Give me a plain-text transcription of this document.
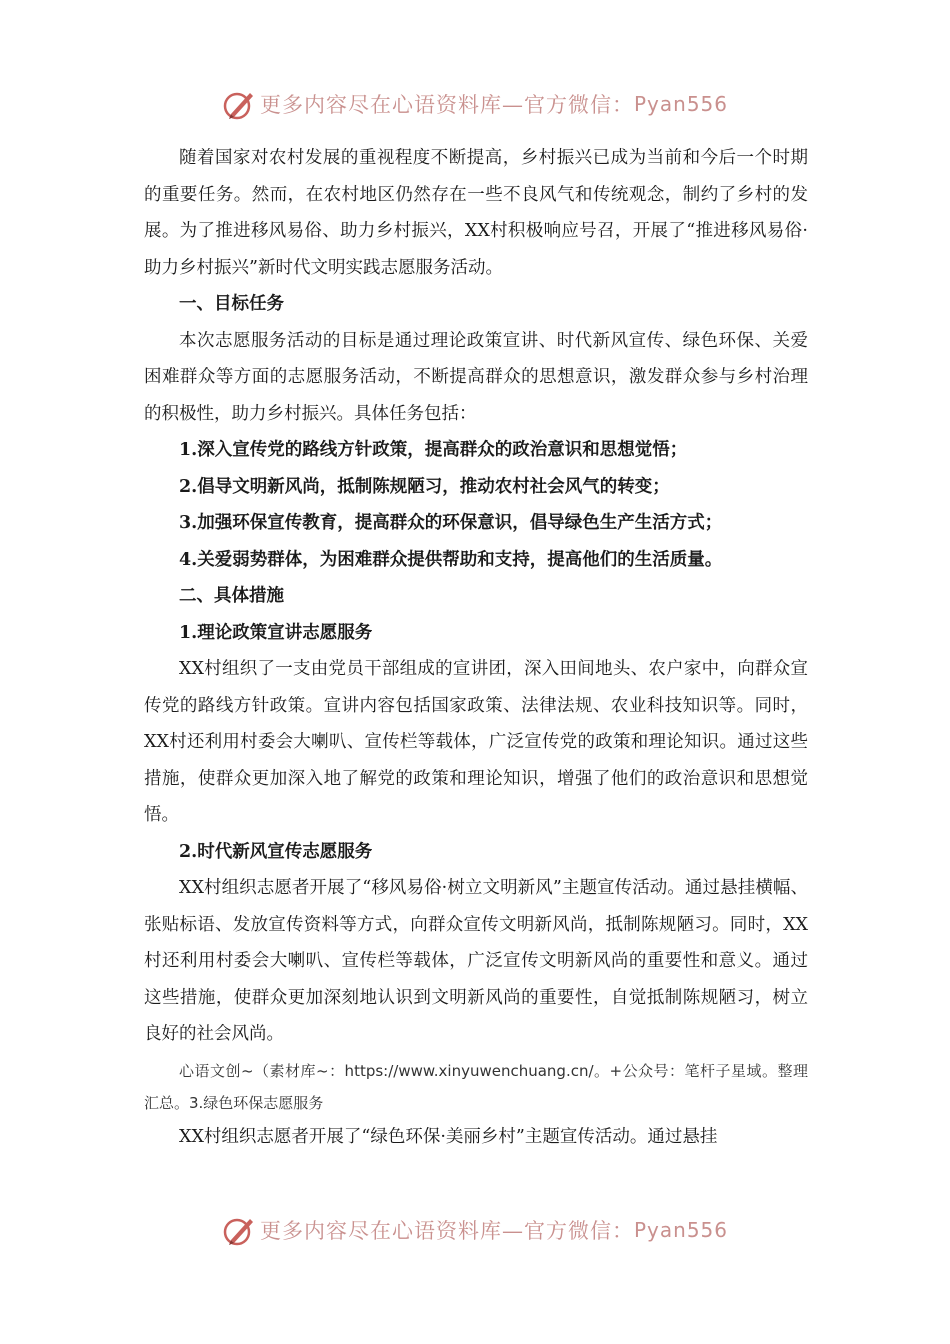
更多内容尽在心语资料库—官方微信： Pyan556

随着国家对农村发展的重视程度不断提高，乡村振兴已成为当前和今后一个时期的重要任务。然而，在农村地区仍然存在一些不良风气和传统观念，制约了乡村的发展。为了推进移风易俗、助力乡村振兴，XX村积极响应号召，开展了“推进移风易俗·助力乡村振兴”新时代文明实践志愿服务活动。

一、目标任务

本次志愿服务活动的目标是通过理论政策宣讲、时代新风宣传、绿色环保、关爱困难群众等方面的志愿服务活动，不断提高群众的思想意识，激发群众参与乡村治理的积极性，助力乡村振兴。具体任务包括：

1.深入宣传党的路线方针政策，提高群众的政治意识和思想觉悟；

2.倡导文明新风尚，抵制陈规陋习，推动农村社会风气的转变；

3.加强环保宣传教育，提高群众的环保意识，倡导绿色生产生活方式；

4.关爱弱势群体，为困难群众提供帮助和支持，提高他们的生活质量。

二、具体措施

1.理论政策宣讲志愿服务

XX村组织了一支由党员干部组成的宣讲团，深入田间地头、农户家中，向群众宣传党的路线方针政策。宣讲内容包括国家政策、法律法规、农业科技知识等。同时，XX村还利用村委会大喇叭、宣传栏等载体，广泛宣传党的政策和理论知识。通过这些措施，使群众更加深入地了解党的政策和理论知识，增强了他们的政治意识和思想觉悟。

2.时代新风宣传志愿服务

XX村组织志愿者开展了“移风易俗·树立文明新风”主题宣传活动。通过悬挂横幅、张贴标语、发放宣传资料等方式，向群众宣传文明新风尚，抵制陈规陋习。同时，XX村还利用村委会大喇叭、宣传栏等载体，广泛宣传文明新风尚的重要性和意义。通过这些措施，使群众更加深刻地认识到文明新风尚的重要性，自觉抵制陈规陋习，树立良好的社会风尚。

心语文创~（素材库~：https://www.xinyuwenchuang.cn/。+公众号：笔杆子星域。整理汇总。3.绿色环保志愿服务

XX村组织志愿者开展了“绿色环保·美丽乡村”主题宣传活动。通过悬挂

更多内容尽在心语资料库—官方微信： Pyan556
